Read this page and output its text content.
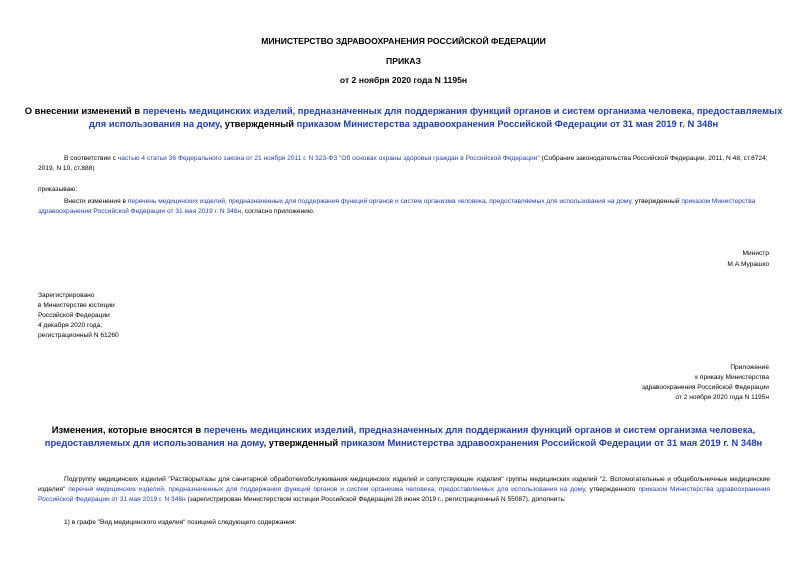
МИНИСТЕРСТВО ЗДРАВООХРАНЕНИЯ РОССИЙСКОЙ ФЕДЕРАЦИИ
ПРИКАЗ
от 2 ноября 2020 года N 1195н
О внесении изменений в перечень медицинских изделий, предназначенных для поддержания функций органов и систем организма человека, предоставляемых для использования на дому, утвержденный приказом Министерства здравоохранения Российской Федерации от 31 мая 2019 г. N 348н
В соответствии с частью 4 статьи 36 Федерального закона от 21 ноября 2011 г. N 323-ФЗ "Об основах охраны здоровья граждан в Российской Федерации" (Собрание законодательства Российской Федерации, 2011, N 48, ст.6724; 2019, N 10, ст.888)
приказываю:
Внести изменения в перечень медицинских изделий, предназначенных для поддержания функций органов и систем организма человека, предоставляемых для использования на дому, утвержденный приказом Министерства здравоохранения Российской Федерации от 31 мая 2019 г. N 348н, согласно приложению.
Министр
М.А.Мурашко
Зарегистрировано
в Министерстве юстиции
Российской Федерации
4 декабря 2020 года,
регистрационный N 61260
Приложение
к приказу Министерства
здравоохранения Российской Федерации
от 2 ноября 2020 года N 1195н
Изменения, которые вносятся в перечень медицинских изделий, предназначенных для поддержания функций органов и систем организма человека, предоставляемых для использования на дому, утвержденный приказом Министерства здравоохранения Российской Федерации от 31 мая 2019 г. N 348н
Подгруппу медицинских изделий "Растворы/газы для санитарной обработки/обслуживания медицинских изделий и сопутствующие изделия" группы медицинских изделий "2. Вспомогательные и общебольничные медицинские изделия" перечня медицинских изделий, предназначенных для поддержания функций органов и систем организма человека, предоставляемых для использования на дому, утвержденного приказом Министерства здравоохранения Российской Федерации от 31 мая 2019 г. N 348н (зарегистрирован Министерством юстиции Российской Федерации 28 июня 2019 г., регистрационный N 55087), дополнить:
1) в графе "Вид медицинского изделия" позицией следующего содержания:
